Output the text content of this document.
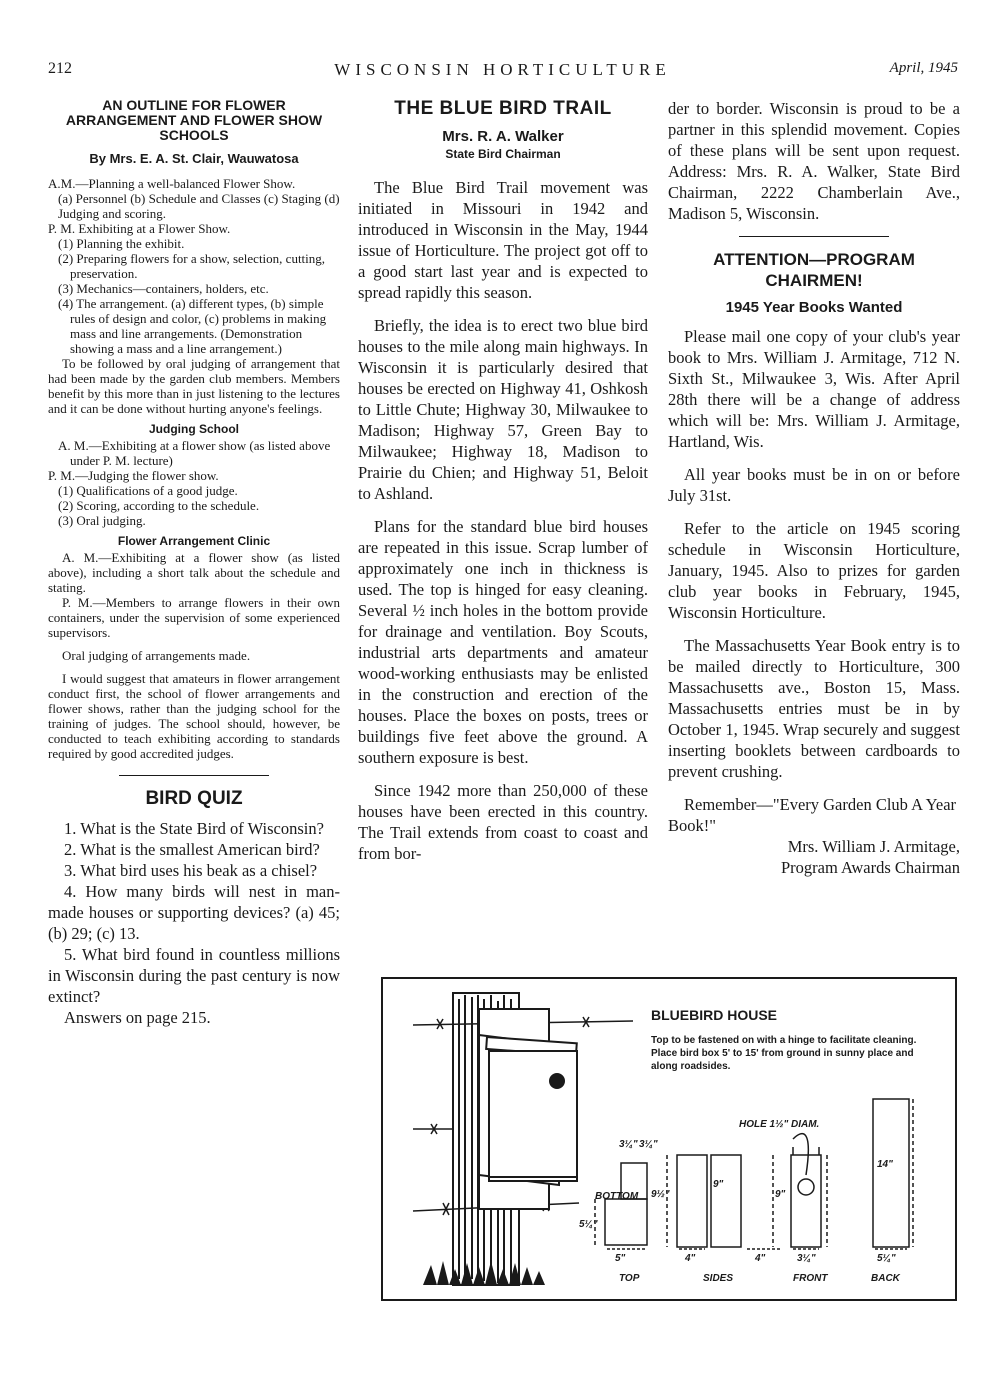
212	WISCONSIN HORTICULTURE	April, 1945

AN OUTLINE FOR FLOWER ARRANGEMENT AND FLOWER SHOW SCHOOLS

By Mrs. E. A. St. Clair, Wauwatosa

A.M.—Planning a well-balanced Flower Show.

(a) Personnel (b) Schedule and Classes (c) Staging (d) Judging and scoring.

P. M. Exhibiting at a Flower Show.

(1) Planning the exhibit.

(2) Preparing flowers for a show, selection, cutting, preservation.

(3) Mechanics—containers, holders, etc.

(4) The arrangement. (a) different types, (b) simple rules of design and color, (c) problems in making mass and line arrangements. (Demonstration showing a mass and a line arrangement.)

To be followed by oral judging of arrangement that had been made by the garden club members. Members benefit by this more than in just listening to the lectures and it can be done without hurting anyone's feelings.

Judging School

A. M.—Exhibiting at a flower show (as listed above under P. M. lecture)

P. M.—Judging the flower show.

(1) Qualifications of a good judge.

(2) Scoring, according to the schedule.

(3) Oral judging.

Flower Arrangement Clinic

A. M.—Exhibiting at a flower show (as listed above), including a short talk about the schedule and stating.

P. M.—Members to arrange flowers in their own containers, under the supervision of some experienced supervisors.

Oral judging of arrangements made.

I would suggest that amateurs in flower arrangement conduct first, the school of flower arrangements and flower shows, rather than the judging school for the training of judges. The school should, however, be conducted to teach exhibiting according to standards required by good accredited judges.

BIRD QUIZ

1. What is the State Bird of Wisconsin?

2. What is the smallest American bird?

3. What bird uses his beak as a chisel?

4. How many birds will nest in man-made houses or supporting devices? (a) 45; (b) 29; (c) 13.

5. What bird found in countless millions in Wisconsin during the past century is now extinct?

Answers on page 215.

THE BLUE BIRD TRAIL

Mrs. R. A. Walker

State Bird Chairman

The Blue Bird Trail movement was initiated in Missouri in 1942 and introduced in Wisconsin in the May, 1944 issue of Horticulture. The project got off to a good start last year and is expected to spread rapidly this season.

Briefly, the idea is to erect two blue bird houses to the mile along main highways. In Wisconsin it is particularly desired that houses be erected on Highway 41, Oshkosh to Little Chute; Highway 30, Milwaukee to Madison; Highway 57, Green Bay to Milwaukee; Highway 18, Madison to Prairie du Chien; and Highway 51, Beloit to Ashland.

Plans for the standard blue bird houses are repeated in this issue. Scrap lumber of approximately one inch in thickness is used. The top is hinged for easy cleaning. Several ½ inch holes in the bottom provide for drainage and ventilation. Boy Scouts, industrial arts departments and amateur wood-working enthusiasts may be enlisted in the construction and erection of the houses. Place the boxes on posts, trees or buildings five feet above the ground. A southern exposure is best.

Since 1942 more than 250,000 of these houses have been erected in this country. The Trail extends from coast to coast and from bor-

der to border. Wisconsin is proud to be a partner in this splendid movement. Copies of these plans will be sent upon request. Address: Mrs. R. A. Walker, State Bird Chairman, 2222 Chamberlain Ave., Madison 5, Wisconsin.

ATTENTION—PROGRAM CHAIRMEN!

1945 Year Books Wanted

Please mail one copy of your club's year book to Mrs. William J. Armitage, 712 N. Sixth St., Milwaukee 3, Wis. After April 28th there will be a change of address which will be: Mrs. William J. Armitage, Hartland, Wis.

All year books must be in on or before July 31st.

Refer to the article on 1945 scoring schedule in Wisconsin Horticulture, January, 1945. Also to prizes for garden club year books in February, 1945, Wisconsin Horticulture.

The Massachusetts Year Book entry is to be mailed directly to Horticulture, 300 Massachusetts ave., Boston 15, Mass. Massachusetts entries must be in by October 1, 1945. Wrap securely and suggest inserting booklets between cardboards to prevent crushing.

Remember—"Every Garden Club A Year Book!"

Mrs. William J. Armitage,

Program Awards Chairman

BLUEBIRD HOUSE
Top to be fastened on with a hinge to facilitate cleaning. Place bird box 5' to 15' from ground in sunny place and along roadsides.
HOLE 1½" DIAM.
3¼" 3¼"
BOTTOM
5¼"
5"
9½"
9"
4"
9"
4"	3¼"
14"
5¼"
TOP	SIDES	FRONT	BACK
